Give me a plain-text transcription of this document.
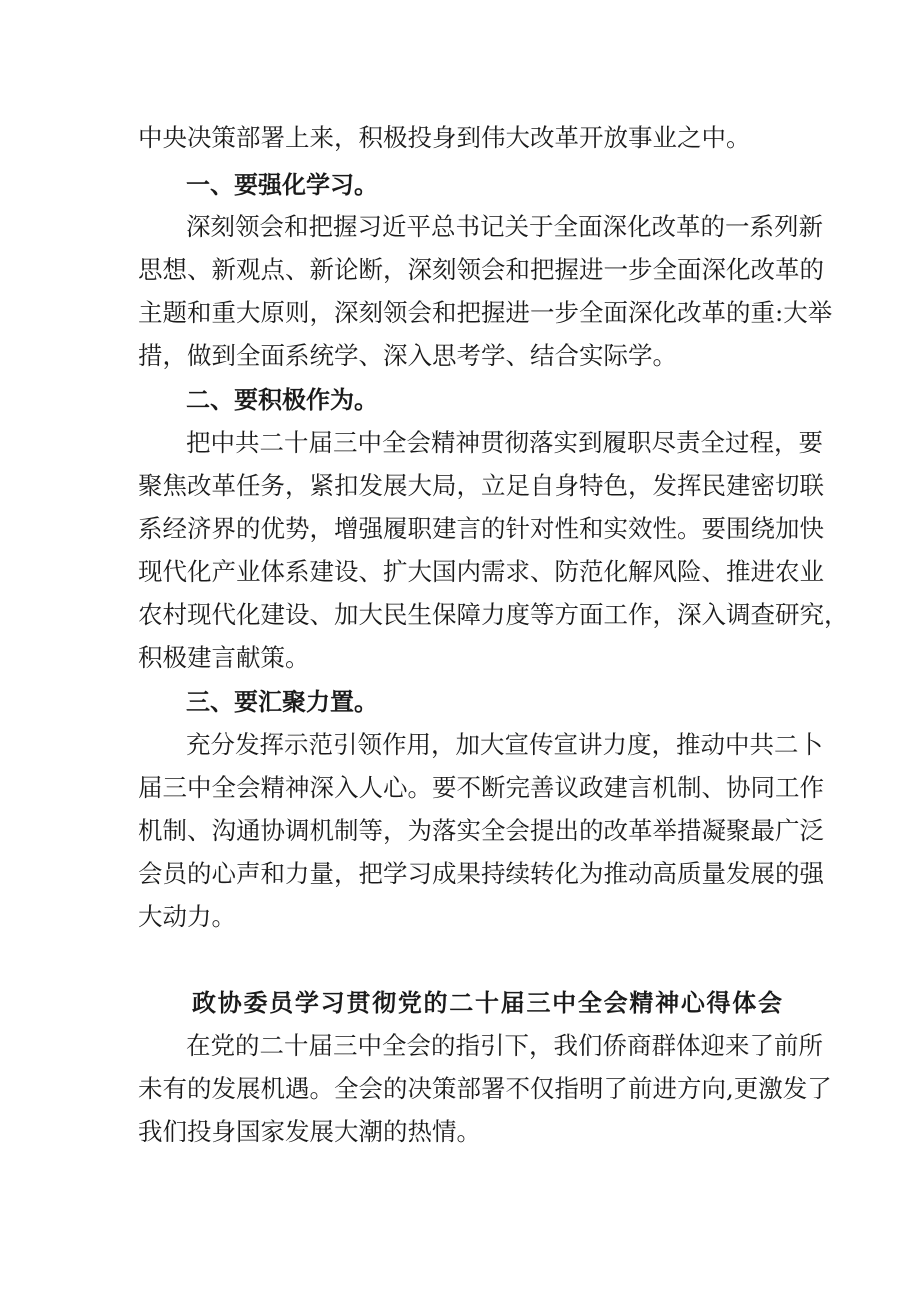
中央决策部署上来，积极投身到伟大改革开放事业之中。
一、要强化学习。
深刻领会和把握习近平总书记关于全面深化改革的一系列新
思想、新观点、新论断，深刻领会和把握进一步全面深化改革的
主题和重大原则，深刻领会和把握进一步全面深化改革的重:大举
措，做到全面系统学、深入思考学、结合实际学。
二、要积极作为。
把中共二十届三中全会精神贯彻落实到履职尽责全过程，要
聚焦改革任务，紧扣发展大局，立足自身特色，发挥民建密切联
系经济界的优势，增强履职建言的针对性和实效性。要围绕加快
现代化产业体系建设、扩大国内需求、防范化解风险、推进农业
农村现代化建设、加大民生保障力度等方面工作，深入调查研究，
积极建言献策。
三、要汇聚力置。
充分发挥示范引领作用，加大宣传宣讲力度，推动中共二卜
届三中全会精神深入人心。要不断完善议政建言机制、协同工作
机制、沟通协调机制等，为落实全会提出的改革举措凝聚最广泛
会员的心声和力量，把学习成果持续转化为推动高质量发展的强
大动力。
政协委员学习贯彻党的二十届三中全会精神心得体会
在党的二十届三中全会的指引下，我们侨商群体迎来了前所
未有的发展机遇。全会的决策部署不仅指明了前进方向,更激发了
我们投身国家发展大潮的热情。
